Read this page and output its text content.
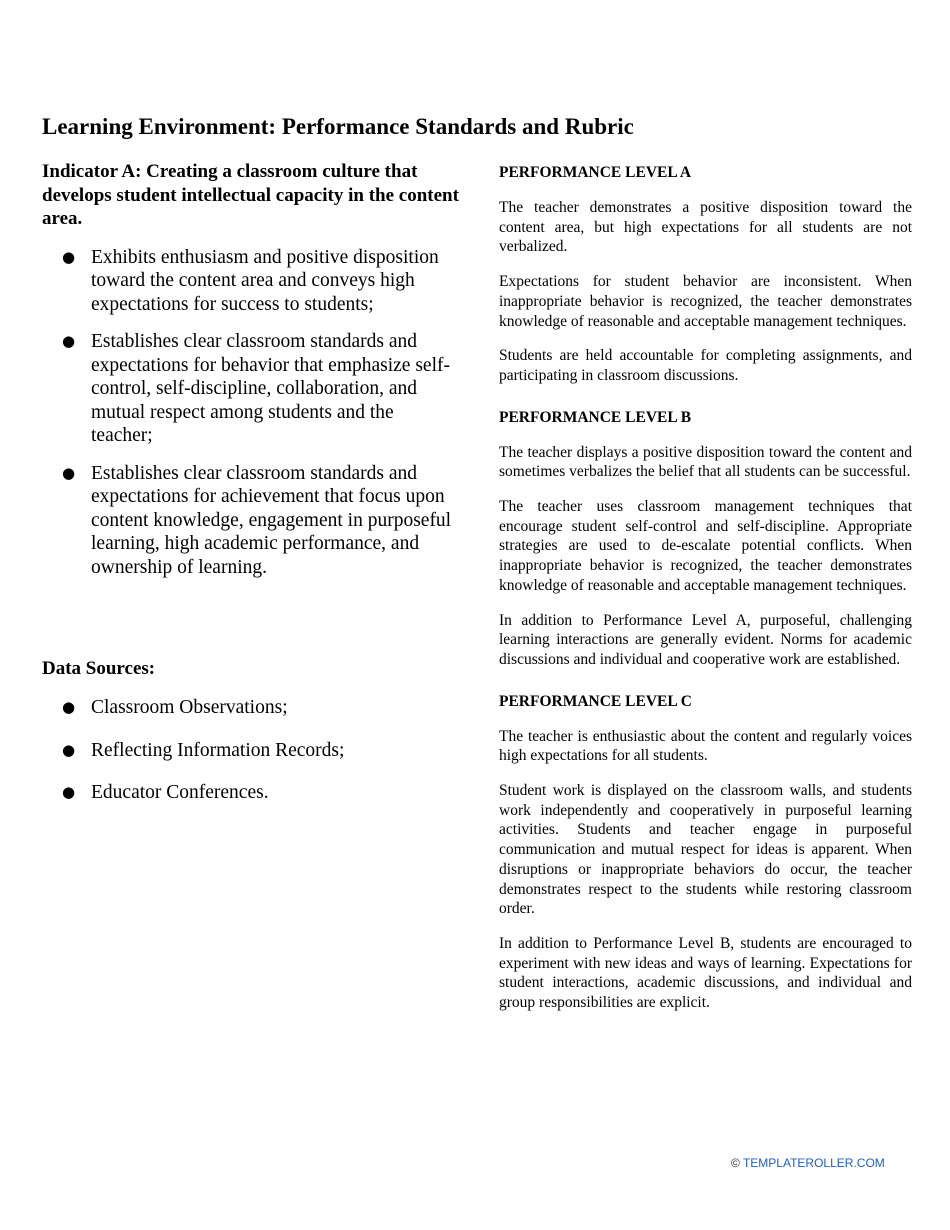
Learning Environment: Performance Standards and Rubric
Indicator A: Creating a classroom culture that develops student intellectual capacity in the content area.
● Exhibits enthusiasm and positive disposition toward the content area and conveys high expectations for success to students;
● Establishes clear classroom standards and expectations for behavior that emphasize self-control, self-discipline, collaboration, and mutual respect among students and the teacher;
● Establishes clear classroom standards and expectations for achievement that focus upon content knowledge, engagement in purposeful learning, high academic performance, and ownership of learning.
Data Sources:
● Classroom Observations;
● Reflecting Information Records;
● Educator Conferences.
PERFORMANCE LEVEL A

The teacher demonstrates a positive disposition toward the content area, but high expectations for all students are not verbalized.

Expectations for student behavior are inconsistent. When inappropriate behavior is recognized, the teacher demonstrates knowledge of reasonable and acceptable management techniques.

Students are held accountable for completing assignments, and participating in classroom discussions.

PERFORMANCE LEVEL B

The teacher displays a positive disposition toward the content and sometimes verbalizes the belief that all students can be successful.

The teacher uses classroom management techniques that encourage student self-control and self-discipline. Appropriate strategies are used to de-escalate potential conflicts. When inappropriate behavior is recognized, the teacher demonstrates knowledge of reasonable and acceptable management techniques.

In addition to Performance Level A, purposeful, challenging learning interactions are generally evident. Norms for academic discussions and individual and cooperative work are established.

PERFORMANCE LEVEL C

The teacher is enthusiastic about the content and regularly voices high expectations for all students.

Student work is displayed on the classroom walls, and students work independently and cooperatively in purposeful learning activities. Students and teacher engage in purposeful communication and mutual respect for ideas is apparent. When disruptions or inappropriate behaviors do occur, the teacher demonstrates respect to the students while restoring classroom order.

In addition to Performance Level B, students are encouraged to experiment with new ideas and ways of learning. Expectations for student interactions, academic discussions, and individual and group responsibilities are explicit.

© TEMPLATEROLLER.COM
